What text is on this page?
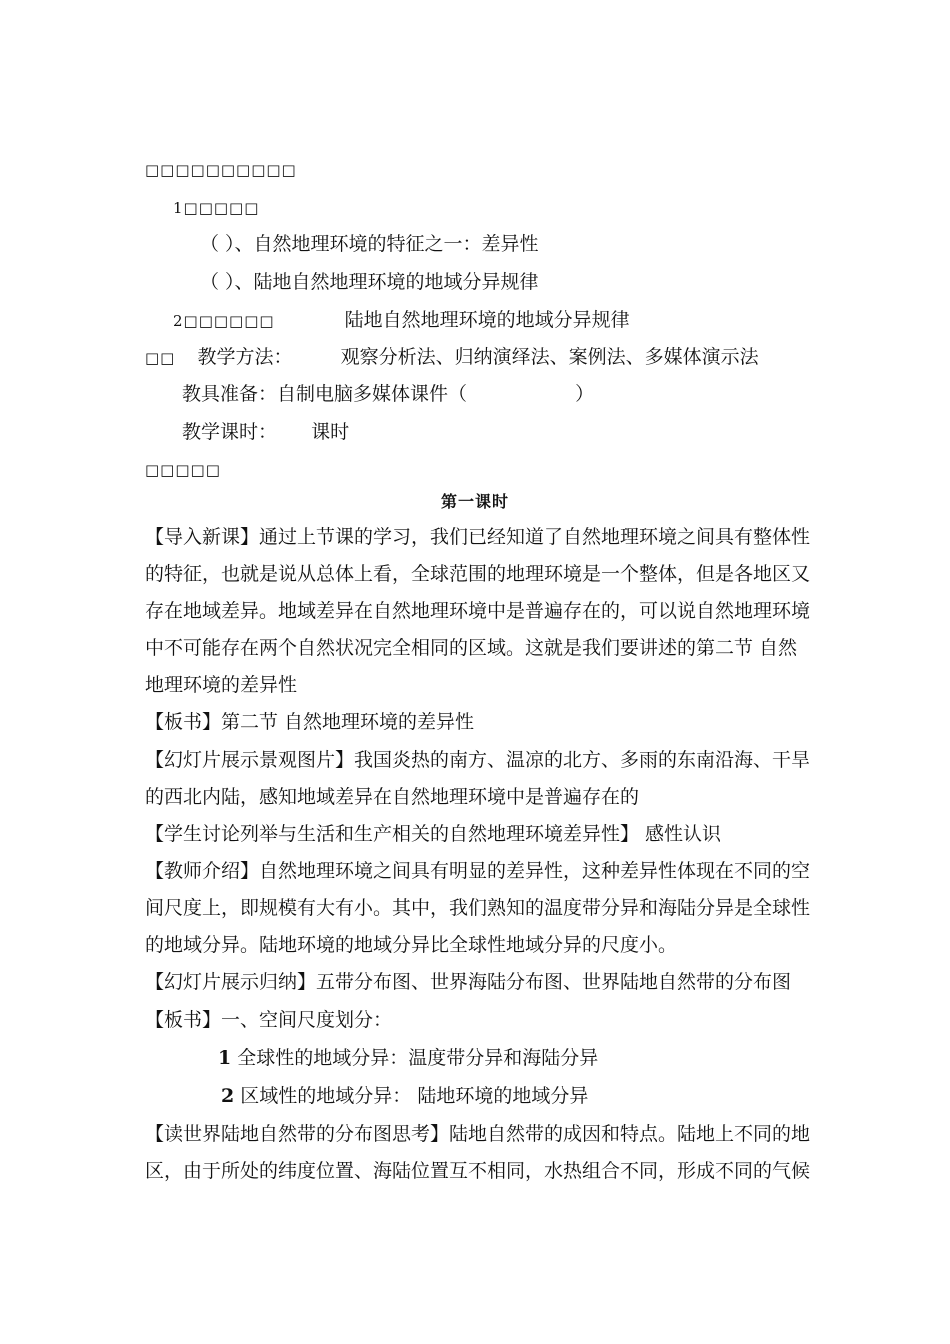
□□□□□□□□□□
1□□□□□
（ ）、自然地理环境的特征之一：差异性
（ ）、陆地自然地理环境的地域分异规律
2□□□□□□	陆地自然地理环境的地域分异规律
□□ 教学方法：	观察分析法、归纳演绎法、案例法、多媒体演示法
教具准备：自制电脑多媒体课件（	）
教学课时： 课时
□□□□□
第一课时
【导入新课】通过上节课的学习，我们已经知道了自然地理环境之间具有整体性
的特征，也就是说从总体上看，全球范围的地理环境是一个整体，但是各地区又
存在地域差异。地域差异在自然地理环境中是普遍存在的，可以说自然地理环境
中不可能存在两个自然状况完全相同的区域。这就是我们要讲述的第二节 自然
地理环境的差异性
【板书】第二节 自然地理环境的差异性
【幻灯片展示景观图片】我国炎热的南方、温凉的北方、多雨的东南沿海、干旱
的西北内陆，感知地域差异在自然地理环境中是普遍存在的
【学生讨论列举与生活和生产相关的自然地理环境差异性】 感性认识
【教师介绍】自然地理环境之间具有明显的差异性，这种差异性体现在不同的空
间尺度上，即规模有大有小。其中，我们熟知的温度带分异和海陆分异是全球性
的地域分异。陆地环境的地域分异比全球性地域分异的尺度小。
【幻灯片展示归纳】五带分布图、世界海陆分布图、世界陆地自然带的分布图
【板书】一、空间尺度划分：
1 全球性的地域分异：温度带分异和海陆分异
2 区域性的地域分异： 陆地环境的地域分异
【读世界陆地自然带的分布图思考】陆地自然带的成因和特点。陆地上不同的地
区，由于所处的纬度位置、海陆位置互不相同，水热组合不同，形成不同的气候
